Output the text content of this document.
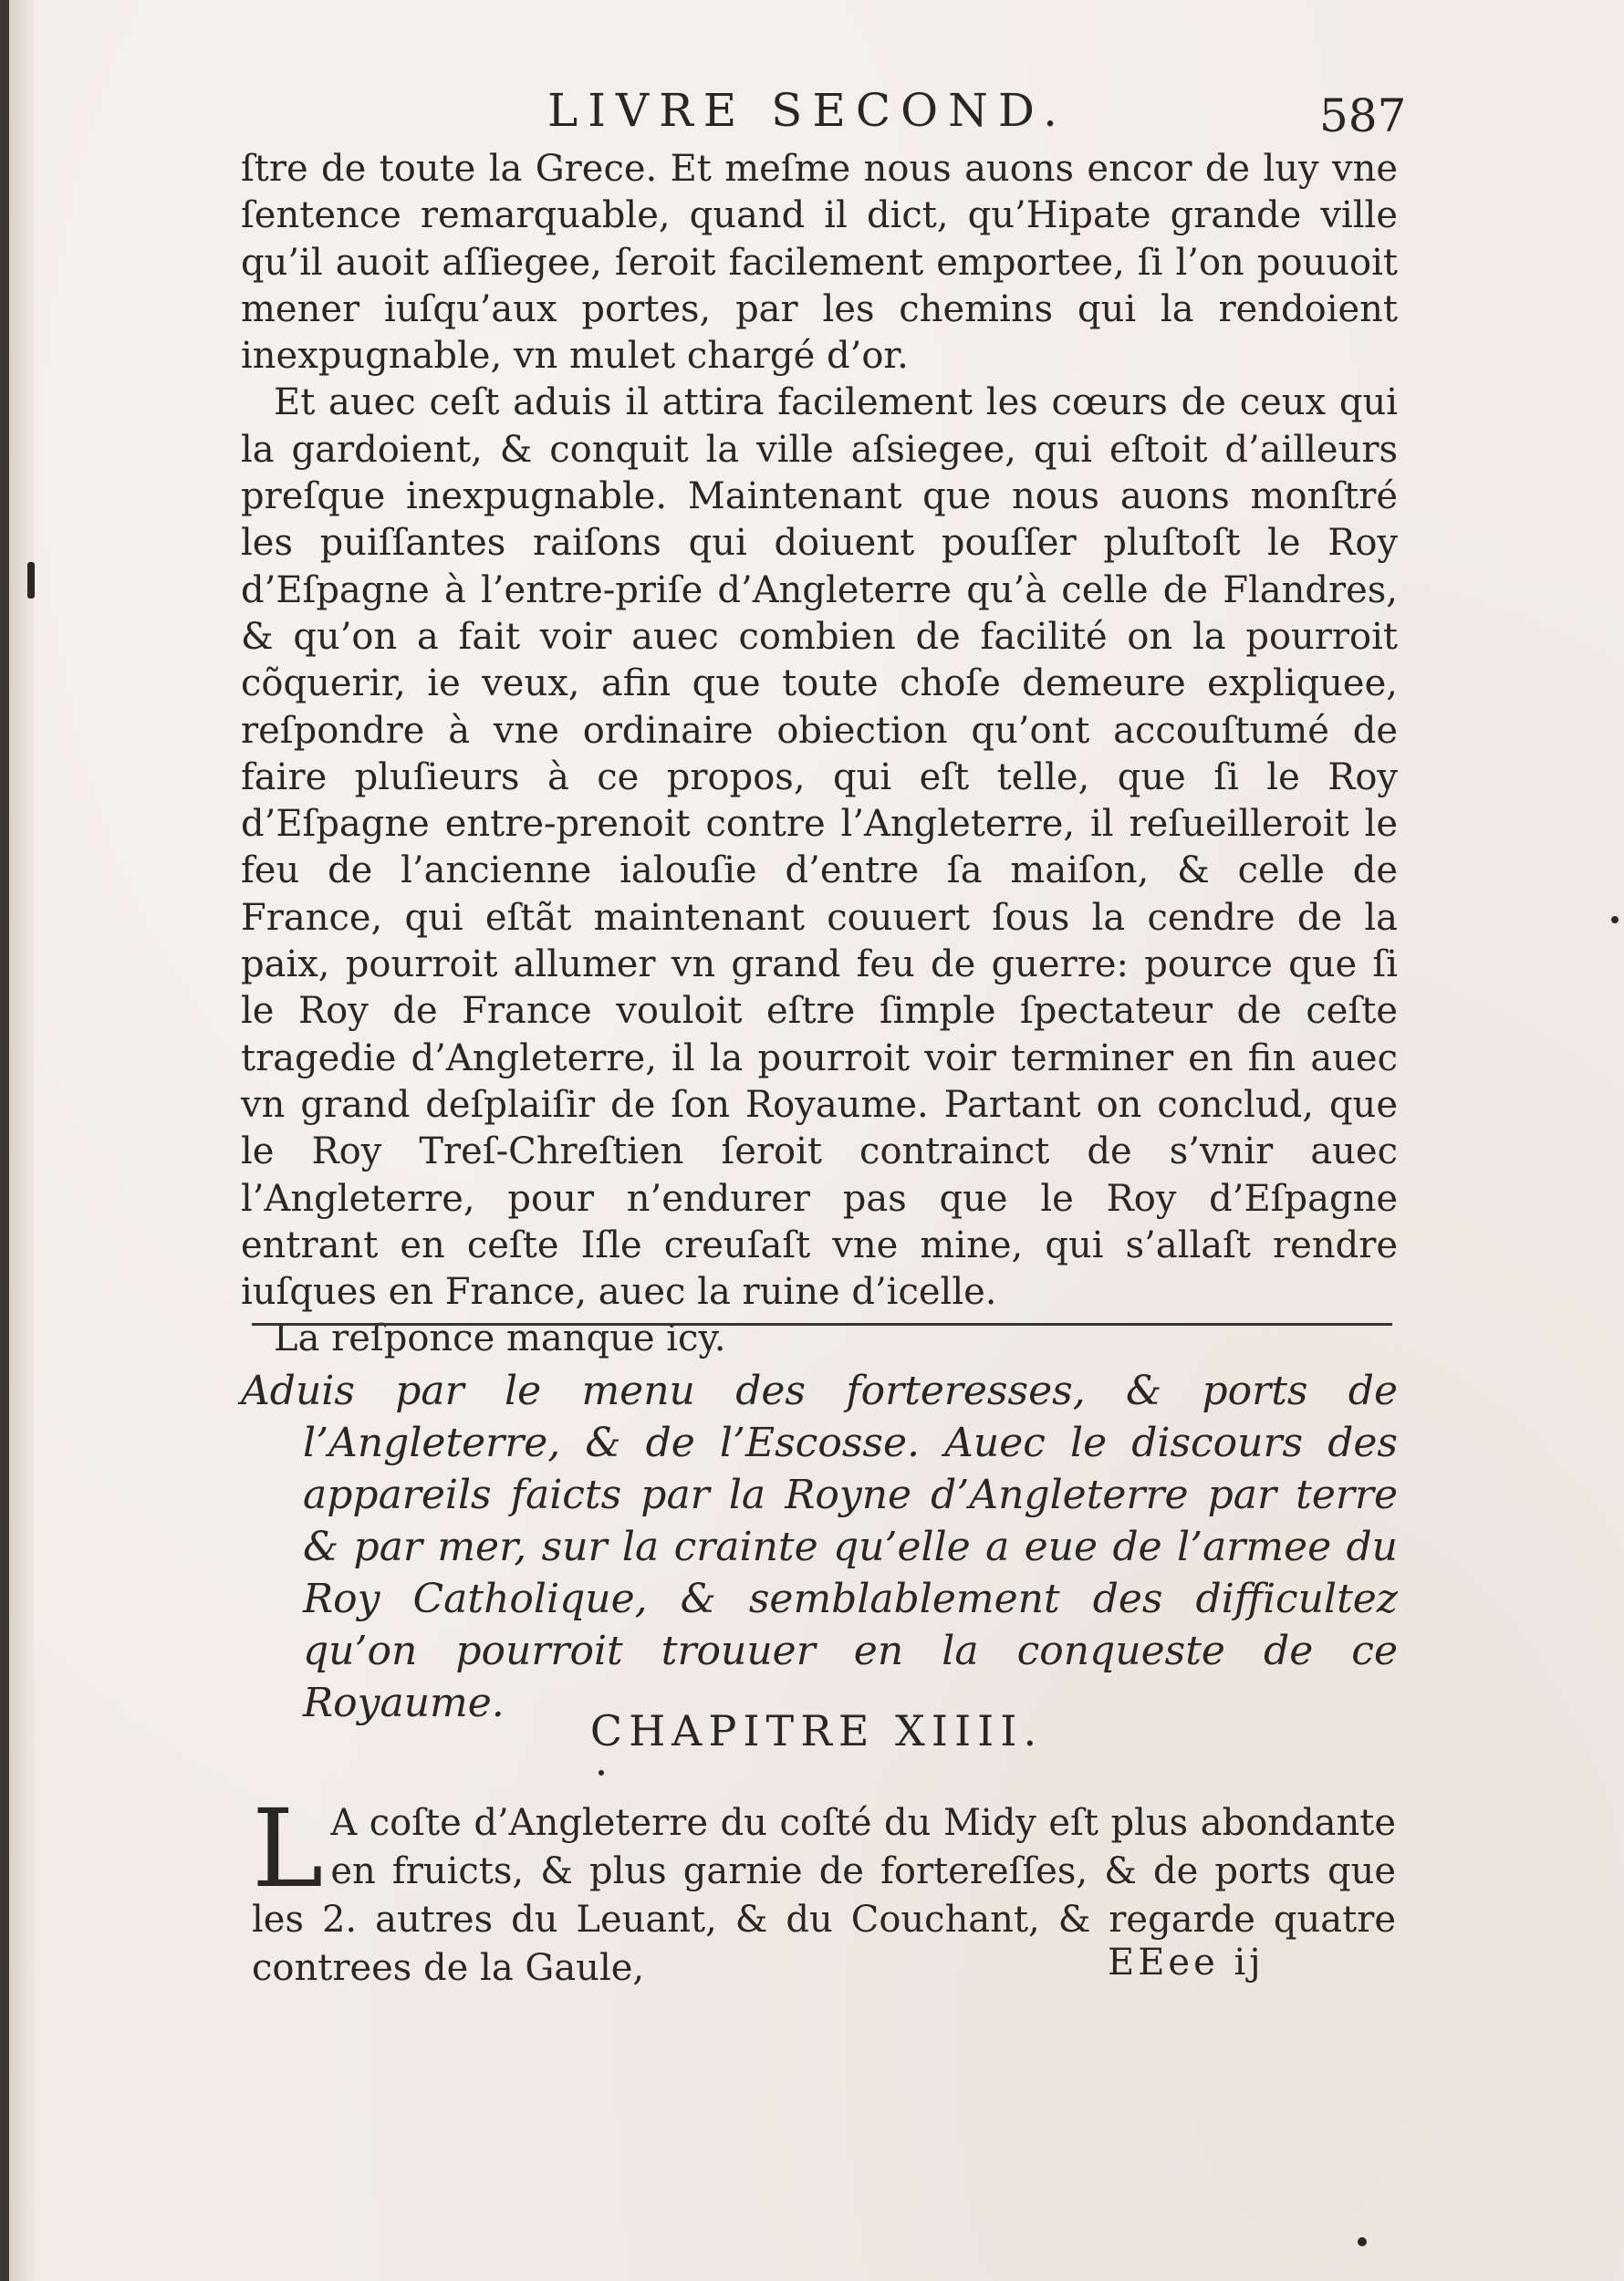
LIVRE SECOND.	587

ſtre de toute la Grece. Et meſme nous auons encor de luy vne ſentence remarquable, quand il dict, qu’Hipate grande ville qu’il auoit aſſiegee, ſeroit facilement emportee, ſi l’on pouuoit mener iuſqu’aux portes, par les chemins qui la rendoient inexpugnable, vn mulet chargé d’or.

Et auec ceſt aduis il attira facilement les cœurs de ceux qui la gardoient, & conquit la ville aſsiegee, qui eſtoit d’ailleurs preſque inexpugnable. Maintenant que nous auons monſtré les puiſſantes raiſons qui doiuent pouſſer pluſtoſt le Roy d’Eſpagne à l’entre-priſe d’Angleterre qu’à celle de Flandres, & qu’on a fait voir auec combien de facilité on la pourroit cõquerir, ie veux, afin que toute choſe demeure expliquee, reſpondre à vne ordinaire obiection qu’ont accouſtumé de faire pluſieurs à ce propos, qui eſt telle, que ſi le Roy d’Eſpagne entre-prenoit contre l’Angleterre, il reſueilleroit le feu de l’ancienne ialouſie d’entre ſa maiſon, & celle de France, qui eſtãt maintenant couuert ſous la cendre de la paix, pourroit allumer vn grand feu de guerre: pource que ſi le Roy de France vouloit eſtre ſimple ſpectateur de ceſte tragedie d’Angleterre, il la pourroit voir terminer en fin auec vn grand deſplaiſir de ſon Royaume. Partant on conclud, que le Roy Treſ-Chreſtien ſeroit contrainct de s’vnir auec l’Angleterre, pour n’endurer pas que le Roy d’Eſpagne entrant en ceſte Iſle creuſaſt vne mine, qui s’allaſt rendre iuſques en France, auec la ruine d’icelle.

La reſponce manque icy.

Aduis par le menu des forteresses, & ports de l’Angleterre, & de l’Escosse. Auec le discours des appareils faicts par la Royne d’Angleterre par terre & par mer, sur la crainte qu’elle a eue de l’armee du Roy Catholique, & semblablement des difficultez qu’on pourroit trouuer en la conqueste de ce Royaume.
CHAPITRE XIIII.
L A coſte d’Angleterre du coſté du Midy eſt plus abondante en fruicts, & plus garnie de fortereſſes, & de ports que les 2. autres du Leuant, & du Couchant, & regarde quatre contrees de la Gaule,	EEee ij
